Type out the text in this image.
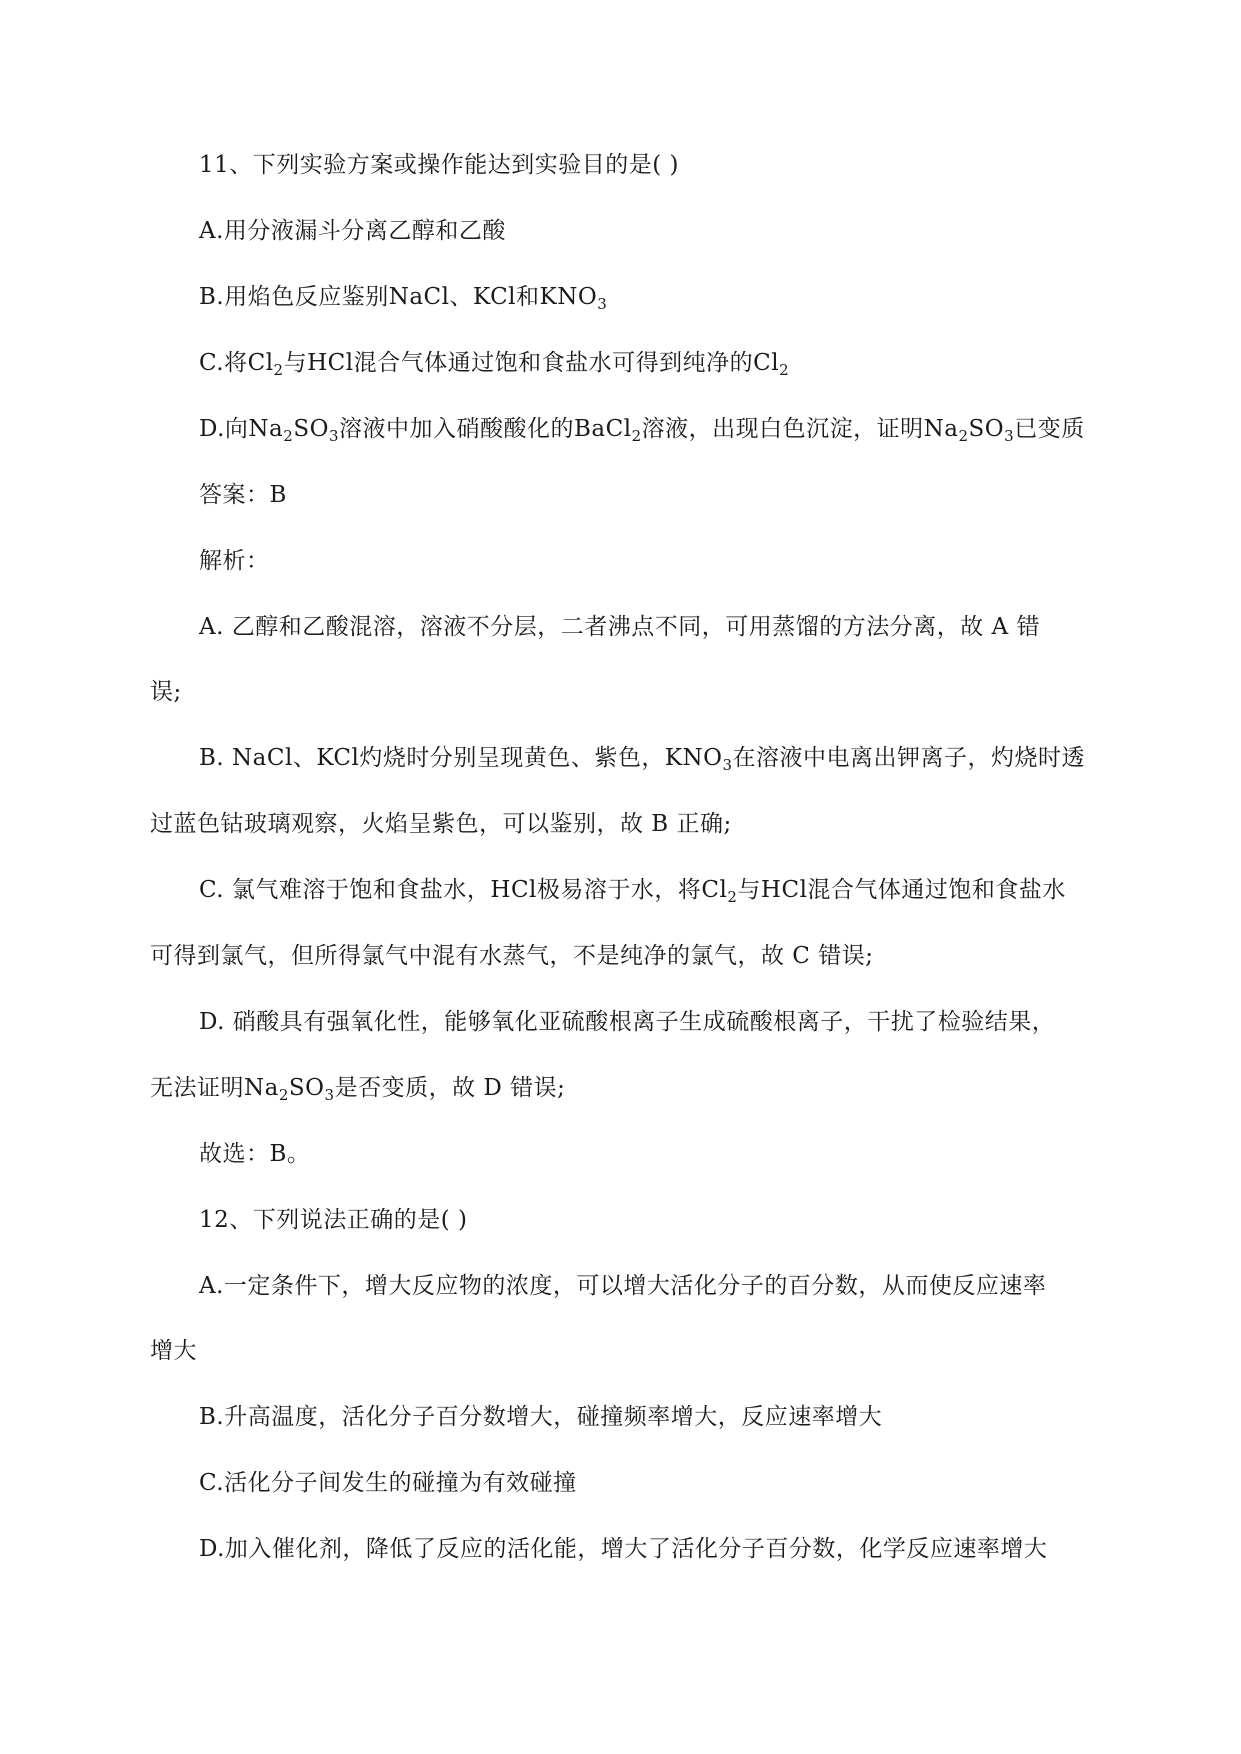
11、下列实验方案或操作能达到实验目的是( )
A.用分液漏斗分离乙醇和乙酸
B.用焰色反应鉴别NaCl、KCl和$KNO_3$
C.将$Cl_2$与HCl混合气体通过饱和食盐水可得到纯净的$Cl_2$
D.向$Na_2SO_3$溶液中加入硝酸酸化的BaCl$_2$溶液，出现白色沉淀，证明$Na_2SO_3$已变质
答案：B
解析：
A. 乙醇和乙酸混溶，溶液不分层，二者沸点不同，可用蒸馏的方法分离，故 A 错
误;
B. NaCl、KCl灼烧时分别呈现黄色、紫色，$KNO_3$在溶液中电离出钾离子，灼烧时透
过蓝色钴玻璃观察，火焰呈紫色，可以鉴别，故 B 正确;
C. 氯气难溶于饱和食盐水，HCl极易溶于水，将$Cl_2$与HCl混合气体通过饱和食盐水
可得到氯气，但所得氯气中混有水蒸气，不是纯净的氯气，故 C 错误;
D. 硝酸具有强氧化性，能够氧化亚硫酸根离子生成硫酸根离子，干扰了检验结果，
无法证明$Na_2SO_3$是否变质，故 D 错误;
故选：B。
12、下列说法正确的是( )
A.一定条件下，增大反应物的浓度，可以增大活化分子的百分数，从而使反应速率
增大
B.升高温度，活化分子百分数增大，碰撞频率增大，反应速率增大
C.活化分子间发生的碰撞为有效碰撞
D.加入催化剂，降低了反应的活化能，增大了活化分子百分数，化学反应速率增大
